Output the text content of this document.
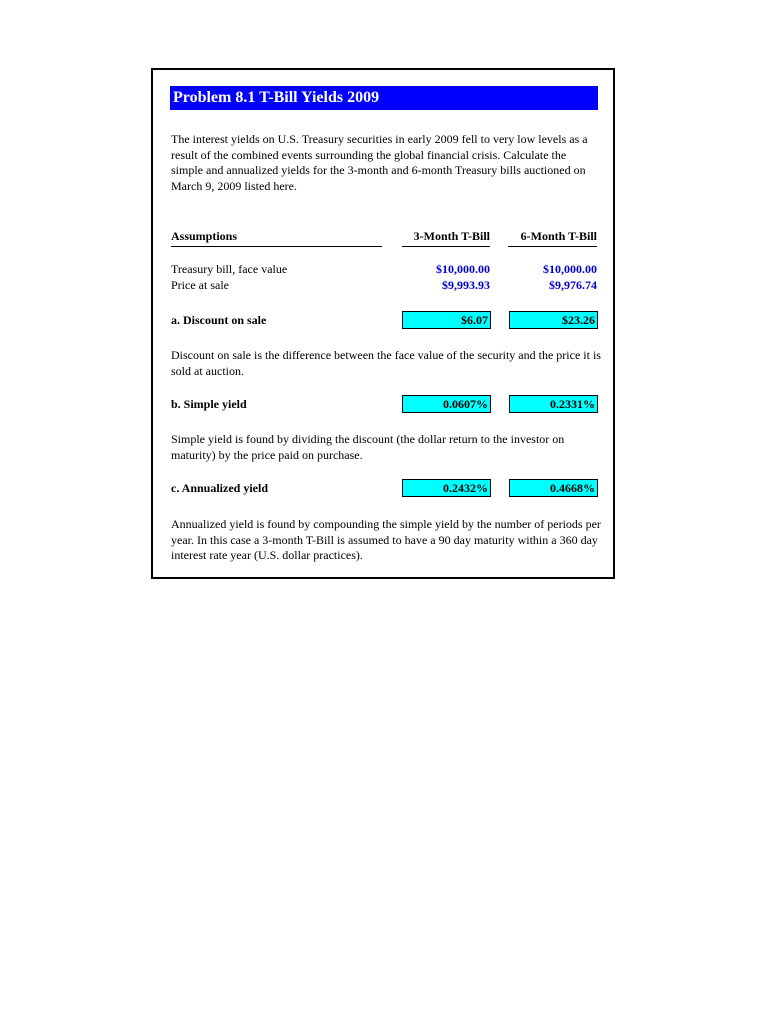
Problem 8.1 T-Bill Yields 2009
The interest yields on U.S. Treasury securities in early 2009 fell to very low levels as a result of the combined events surrounding the global financial crisis. Calculate the simple and annualized yields for the 3-month and 6-month Treasury bills auctioned on March 9, 2009 listed here.
Assumptions	3-Month T-Bill	6-Month T-Bill
Treasury bill, face value	$10,000.00	$10,000.00
Price at sale	$9,993.93	$9,976.74
a. Discount on sale	$6.07	$23.26
Discount on sale is the difference between the face value of the security and the price it is sold at auction.
b. Simple yield	0.0607%	0.2331%
Simple yield is found by dividing the discount (the dollar return to the investor on maturity) by the price paid on purchase.
c. Annualized yield	0.2432%	0.4668%
Annualized yield is found by compounding the simple yield by the number of periods per year. In this case a 3-month T-Bill is assumed to have a 90 day maturity within a 360 day interest rate year (U.S. dollar practices).
